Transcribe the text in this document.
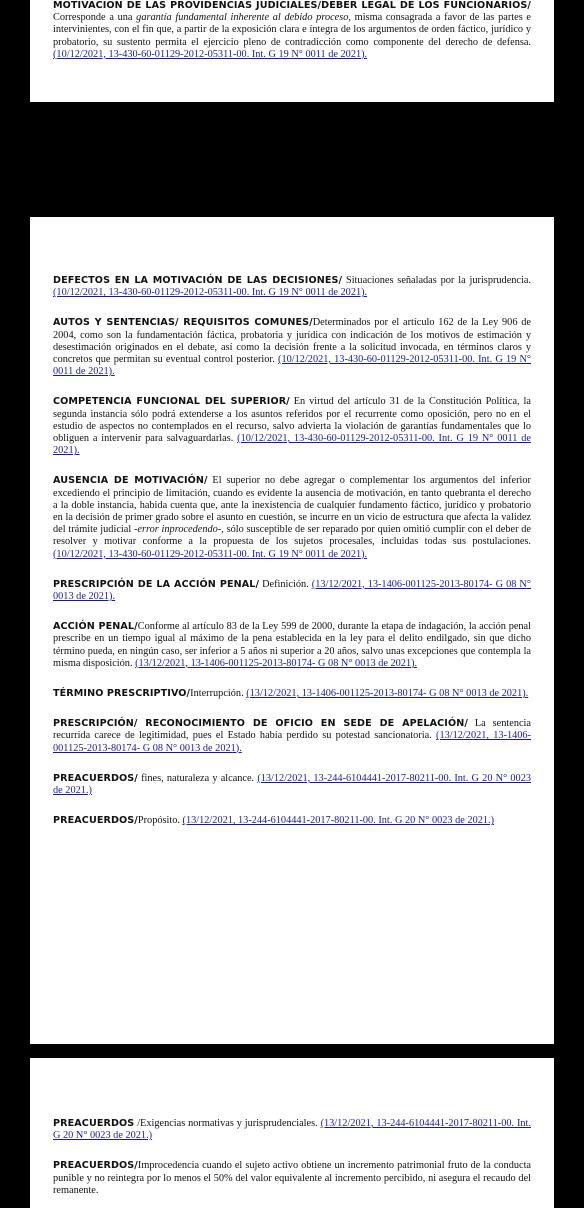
MOTIVACIÓN DE LAS PROVIDENCIAS JUDICIALES/DEBER LEGAL DE LOS FUNCIONARIOS/ Corresponde a una garantía fundamental inherente al debido proceso, misma consagrada a favor de las partes e intervinientes, con el fin que, a partir de la exposición clara e íntegra de los argumentos de orden fáctico, jurídico y probatorio, su sustento permita el ejercicio pleno de contradicción como componente del derecho de defensa. (10/12/2021, 13-430-60-01129-2012-05311-00. Int. G 19 N° 0011 de 2021).

DEFECTOS EN LA MOTIVACIÓN DE LAS DECISIONES/ Situaciones señaladas por la jurisprudencia. (10/12/2021, 13-430-60-01129-2012-05311-00. Int. G 19 N° 0011 de 2021).

AUTOS Y SENTENCIAS/ REQUISITOS COMUNES/Determinados por el artículo 162 de la Ley 906 de 2004, como son la fundamentación fáctica, probatoria y jurídica con indicación de los motivos de estimación y desestimación originados en el debate, así como la decisión frente a la solicitud invocada, en términos claros y concretos que permitan su eventual control posterior. (10/12/2021, 13-430-60-01129-2012-05311-00. Int. G 19 N° 0011 de 2021).

COMPETENCIA FUNCIONAL DEL SUPERIOR/ En virtud del artículo 31 de la Constitución Política, la segunda instancia sólo podrá extenderse a los asuntos referidos por el recurrente como oposición, pero no en el estudio de aspectos no contemplados en el recurso, salvo advierta la violación de garantías fundamentales que lo obliguen a intervenir para salvaguardarlas. (10/12/2021, 13-430-60-01129-2012-05311-00. Int. G 19 N° 0011 de 2021).

AUSENCIA DE MOTIVACIÓN/ El superior no debe agregar o complementar los argumentos del inferior excediendo el principio de limitación, cuando es evidente la ausencia de motivación, en tanto quebranta el derecho a la doble instancia, habida cuenta que, ante la inexistencia de cualquier fundamento fáctico, jurídico y probatorio en la decisión de primer grado sobre el asunto en cuestión, se incurre en un vicio de estructura que afecta la validez del trámite judicial -error inprocedendo-, sólo susceptible de ser reparado por quien omitió cumplir con el deber de resolver y motivar conforme a la propuesta de los sujetos procesales, incluidas todas sus postulaciones. (10/12/2021, 13-430-60-01129-2012-05311-00. Int. G 19 N° 0011 de 2021).

PRESCRIPCIÓN DE LA ACCIÓN PENAL/ Definición. (13/12/2021, 13-1406-001125-2013-80174- G 08 N° 0013 de 2021).

ACCIÓN PENAL/Conforme al artículo 83 de la Ley 599 de 2000, durante la etapa de indagación, la acción penal prescribe en un tiempo igual al máximo de la pena establecida en la ley para el delito endilgado, sin que dicho término pueda, en ningún caso, ser inferior a 5 años ni superior a 20 años, salvo unas excepciones que contempla la misma disposición. (13/12/2021, 13-1406-001125-2013-80174- G 08 N° 0013 de 2021).

TÉRMINO PRESCRIPTIVO/Interrupción. (13/12/2021, 13-1406-001125-2013-80174- G 08 N° 0013 de 2021).

PRESCRIPCIÓN/ RECONOCIMIENTO DE OFICIO EN SEDE DE APELACIÓN/ La sentencia recurrida carece de legitimidad, pues el Estado había perdido su potestad sancionatoria. (13/12/2021, 13-1406-001125-2013-80174- G 08 N° 0013 de 2021).

PREACUERDOS/ fines, naturaleza y alcance. (13/12/2021, 13-244-6104441-2017-80211-00. Int. G 20 N° 0023 de 2021.)

PREACUERDOS/Propósito. (13/12/2021, 13-244-6104441-2017-80211-00. Int. G 20 N° 0023 de 2021.)

PREACUERDOS /Exigencias normativas y jurisprudenciales. (13/12/2021, 13-244-6104441-2017-80211-00. Int. G 20 N° 0023 de 2021.)

PREACUERDOS/Improcedencia cuando el sujeto activo obtiene un incremento patrimonial fruto de la conducta punible y no reintegra por lo menos el 50% del valor equivalente al incremento percibido, ni asegura el recaudo del remanente.
